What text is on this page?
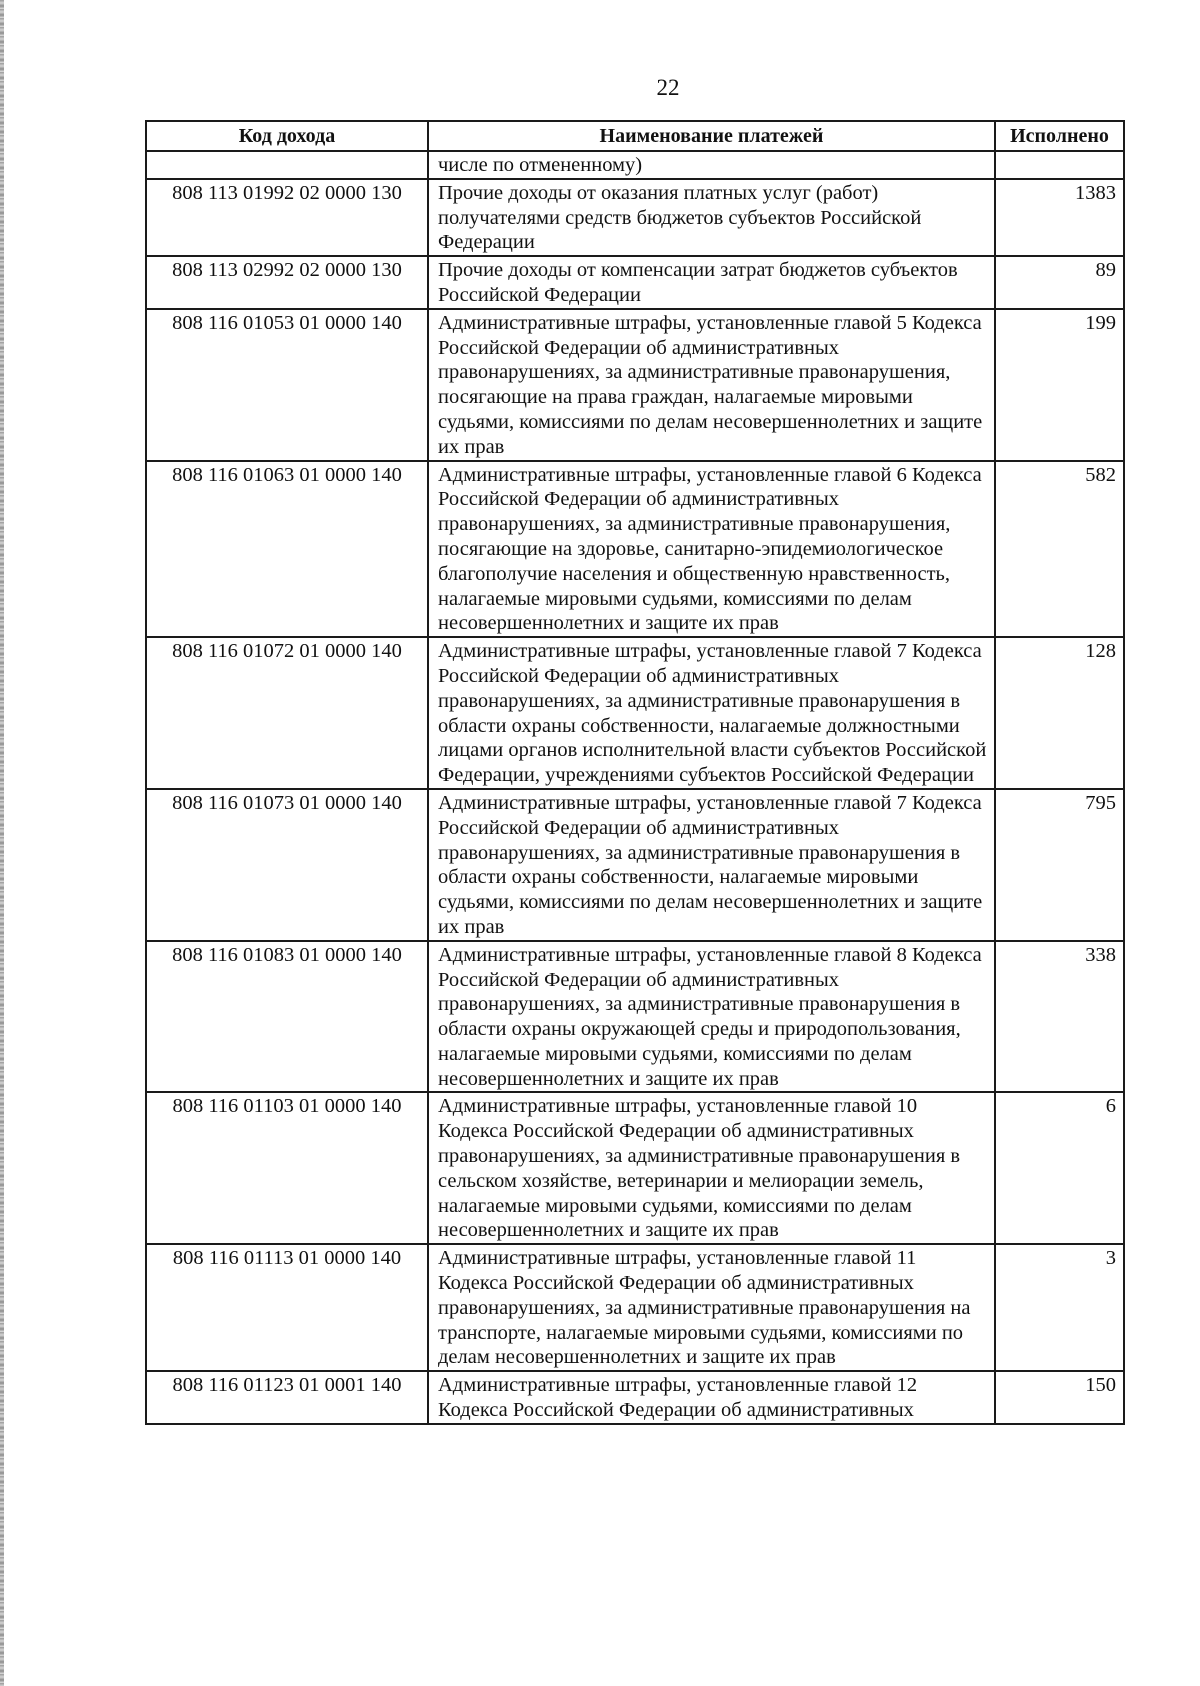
22
Код дохода	Наименование платежей	Исполнено
	числе по отмененному)	
808 113 01992 02 0000 130	Прочие доходы от оказания платных услуг (работ) получателями средств бюджетов субъектов Российской Федерации	1383
808 113 02992 02 0000 130	Прочие доходы от компенсации затрат бюджетов субъектов Российской Федерации	89
808 116 01053 01 0000 140	Административные штрафы, установленные главой 5 Кодекса Российской Федерации об административных правонарушениях, за административные правонарушения, посягающие на права граждан, налагаемые мировыми судьями, комиссиями по делам несовершеннолетних и защите их прав	199
808 116 01063 01 0000 140	Административные штрафы, установленные главой 6 Кодекса Российской Федерации об административных правонарушениях, за административные правонарушения, посягающие на здоровье, санитарно-эпидемиологическое благополучие населения и общественную нравственность, налагаемые мировыми судьями, комиссиями по делам несовершеннолетних и защите их прав	582
808 116 01072 01 0000 140	Административные штрафы, установленные главой 7 Кодекса Российской Федерации об административных правонарушениях, за административные правонарушения в области охраны собственности, налагаемые должностными лицами органов исполнительной власти субъектов Российской Федерации, учреждениями субъектов Российской Федерации	128
808 116 01073 01 0000 140	Административные штрафы, установленные главой 7 Кодекса Российской Федерации об административных правонарушениях, за административные правонарушения в области охраны собственности, налагаемые мировыми судьями, комиссиями по делам несовершеннолетних и защите их прав	795
808 116 01083 01 0000 140	Административные штрафы, установленные главой 8 Кодекса Российской Федерации об административных правонарушениях, за административные правонарушения в области охраны окружающей среды и природопользования, налагаемые мировыми судьями, комиссиями по делам несовершеннолетних и защите их прав	338
808 116 01103 01 0000 140	Административные штрафы, установленные главой 10 Кодекса Российской Федерации об административных правонарушениях, за административные правонарушения в сельском хозяйстве, ветеринарии и мелиорации земель, налагаемые мировыми судьями, комиссиями по делам несовершеннолетних и защите их прав	6
808 116 01113 01 0000 140	Административные штрафы, установленные главой 11 Кодекса Российской Федерации об административных правонарушениях, за административные правонарушения на транспорте, налагаемые мировыми судьями, комиссиями по делам несовершеннолетних и защите их прав	3
808 116 01123 01 0001 140	Административные штрафы, установленные главой 12 Кодекса Российской Федерации об административных	150
